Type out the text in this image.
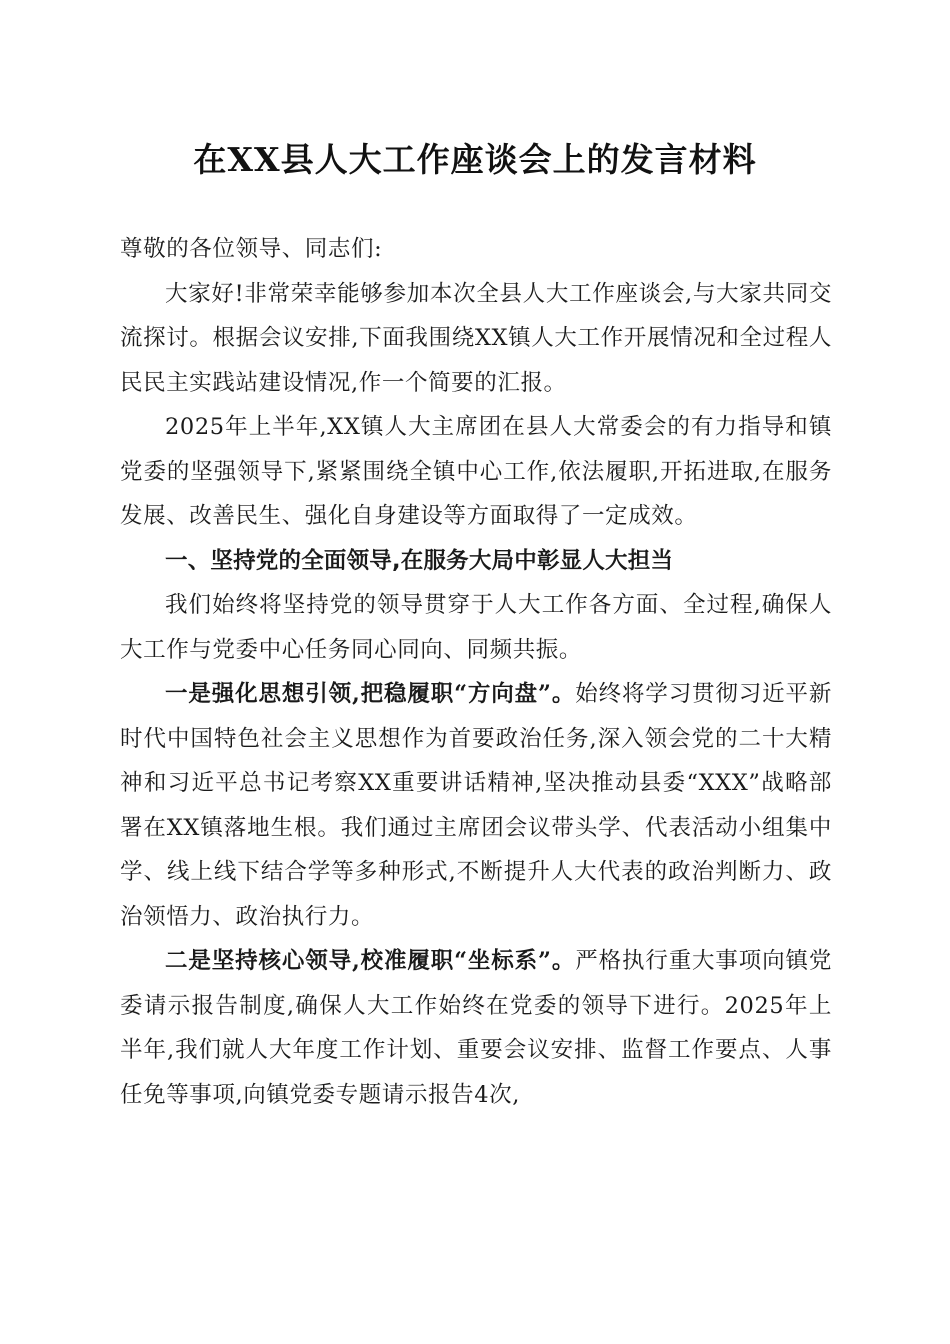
在XX县人大工作座谈会上的发言材料

尊敬的各位领导、同志们:

大家好!非常荣幸能够参加本次全县人大工作座谈会,与大家共同交流探讨。根据会议安排,下面我围绕XX镇人大工作开展情况和全过程人民民主实践站建设情况,作一个简要的汇报。

2025年上半年,XX镇人大主席团在县人大常委会的有力指导和镇党委的坚强领导下,紧紧围绕全镇中心工作,依法履职,开拓进取,在服务发展、改善民生、强化自身建设等方面取得了一定成效。

一、坚持党的全面领导,在服务大局中彰显人大担当

我们始终将坚持党的领导贯穿于人大工作各方面、全过程,确保人大工作与党委中心任务同心同向、同频共振。

一是强化思想引领,把稳履职“方向盘”。始终将学习贯彻习近平新时代中国特色社会主义思想作为首要政治任务,深入领会党的二十大精神和习近平总书记考察XX重要讲话精神,坚决推动县委“XXX”战略部署在XX镇落地生根。我们通过主席团会议带头学、代表活动小组集中学、线上线下结合学等多种形式,不断提升人大代表的政治判断力、政治领悟力、政治执行力。

二是坚持核心领导,校准履职“坐标系”。严格执行重大事项向镇党委请示报告制度,确保人大工作始终在党委的领导下进行。2025年上半年,我们就人大年度工作计划、重要会议安排、监督工作要点、人事任免等事项,向镇党委专题请示报告4次,
